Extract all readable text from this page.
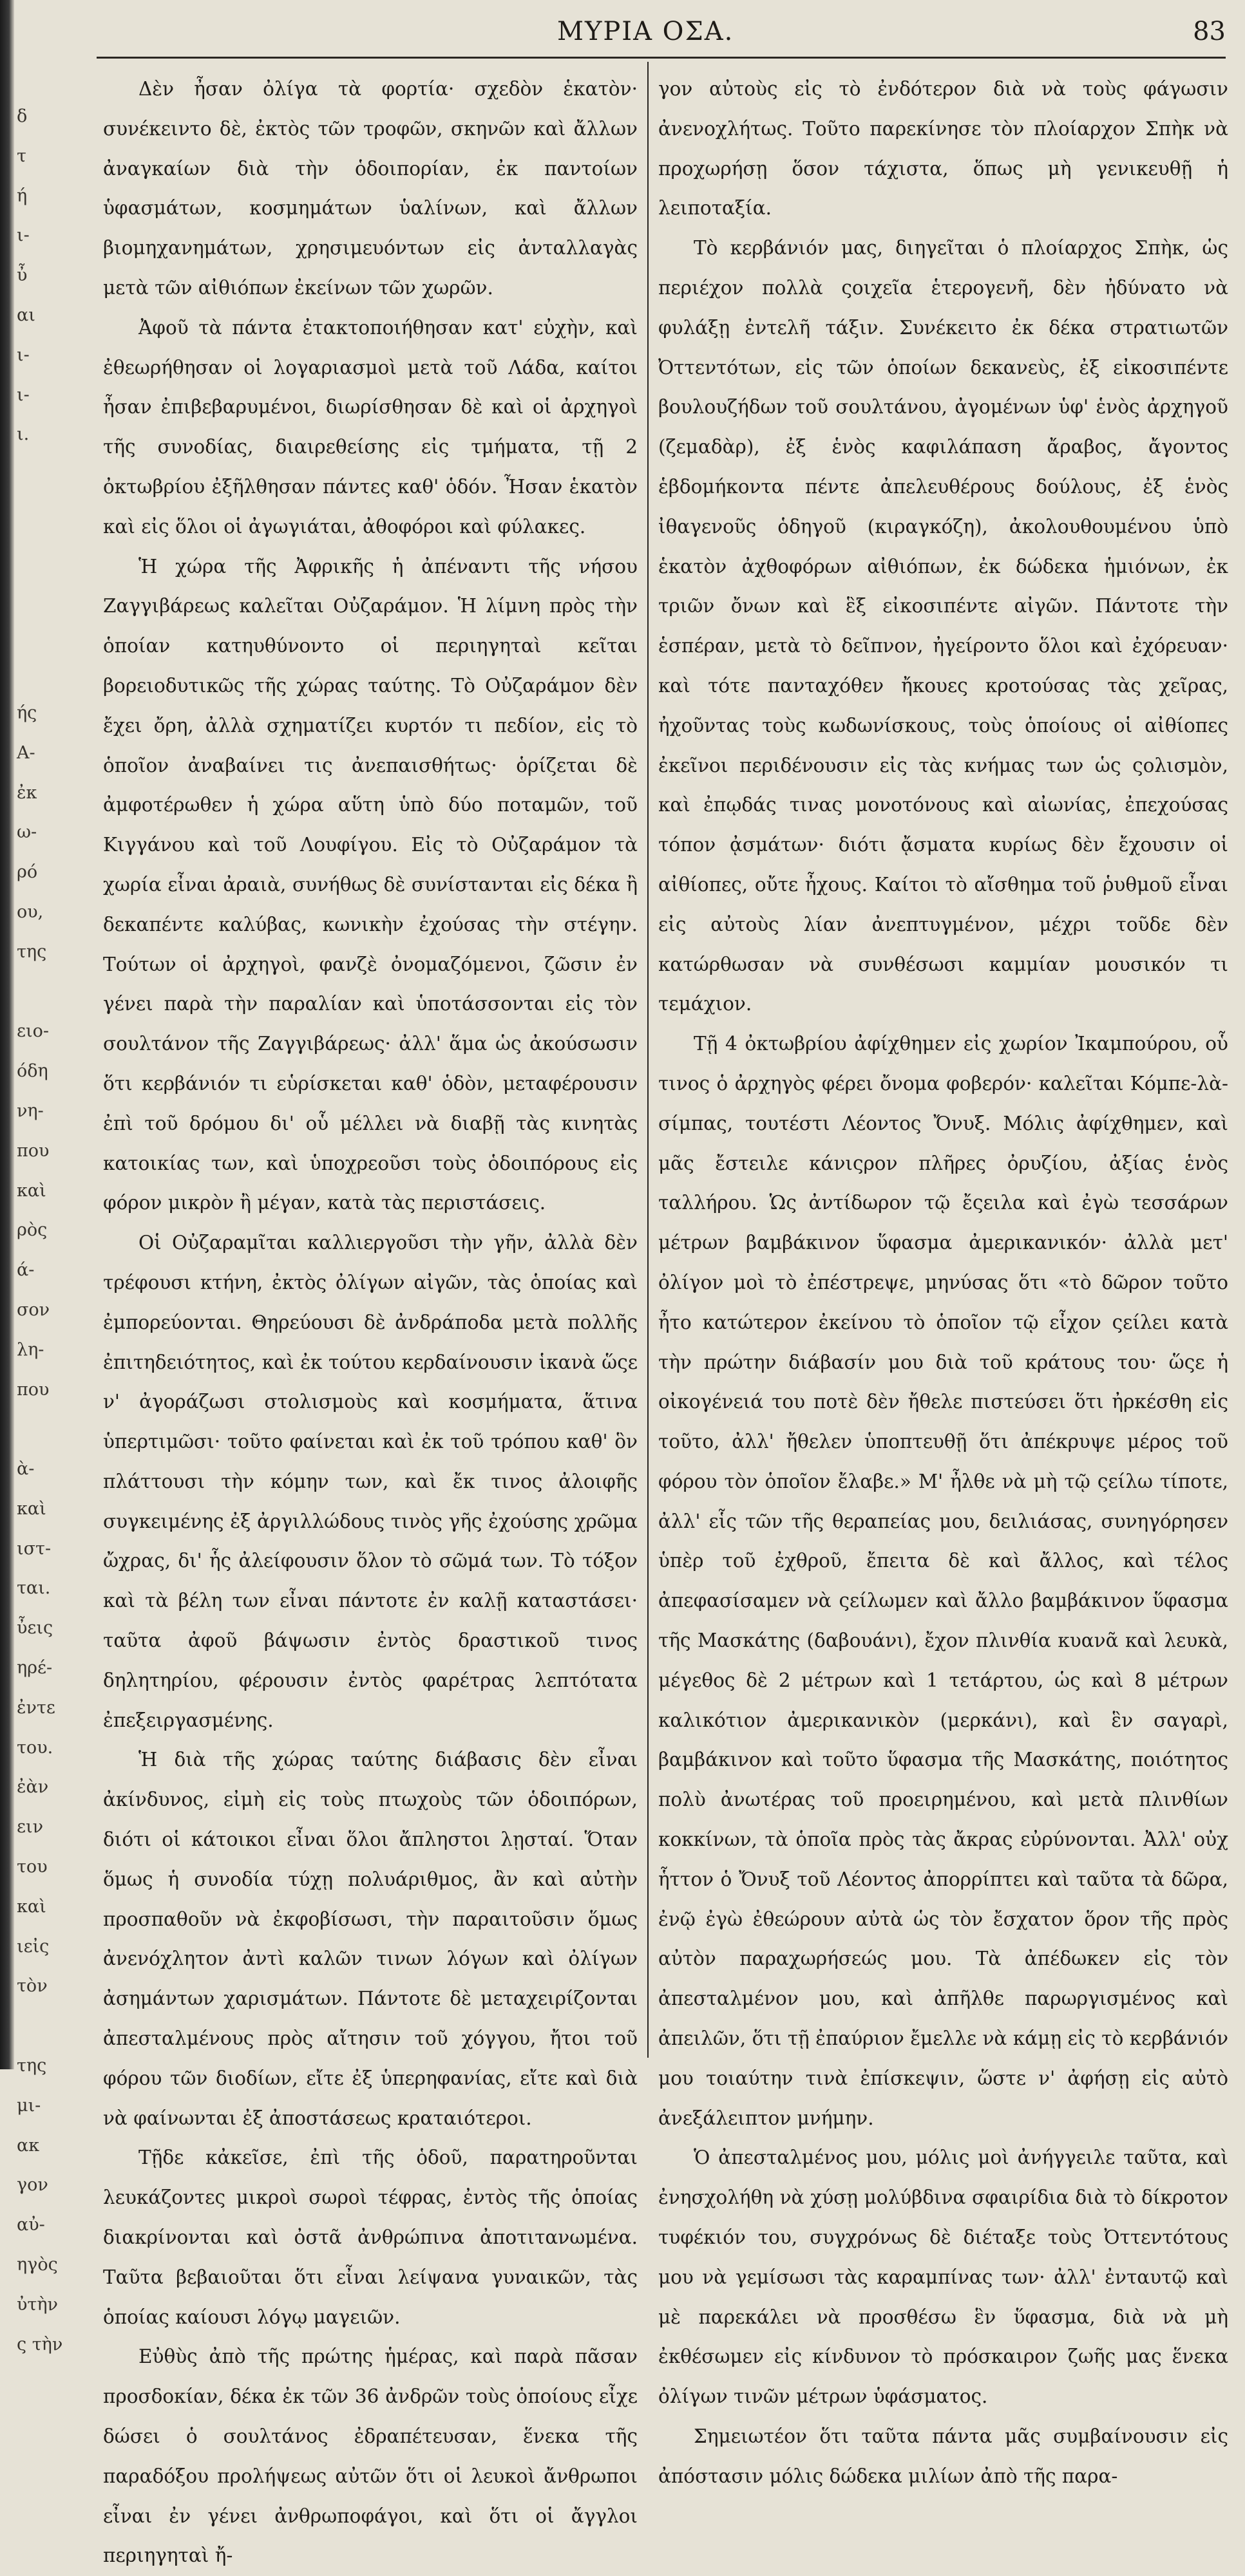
δ
τ
ή
ι-
ὖ
αι
ι-
ι-
ι.
ής
Α-
ἐκ
ω-
ρό
ου,
της
ειο-
όδη
νη-
που
καὶ
ρὸς
ά-
σον
λη-
που
ὰ-
καὶ
ιστ-
ται.
ὖεις
ηρέ-
ἐντε
του.
ἐὰν
ειν
του
καὶ
ιεἰς
τὸν
της
μι-
ακ
γον
αὐ-
ηγὸς
ὐτὴν
ς τὴν
ΜΥΡΙΑ ΟΣΑ.	83

Δὲν ἦσαν ὀλίγα τὰ φορτία· σχεδὸν ἑκατὸν· συνέκειντο δὲ, ἐκτὸς τῶν τροφῶν, σκηνῶν καὶ ἄλλων ἀναγκαίων διὰ τὴν ὁδοιπορίαν, ἐκ παντοίων ὑφασμάτων, κοσμημάτων ὑαλίνων, καὶ ἄλλων βιομηχανημάτων, χρησιμευόντων εἰς ἀνταλλαγὰς μετὰ τῶν αἰθιόπων ἐκείνων τῶν χωρῶν.

Ἀφοῦ τὰ πάντα ἐτακτοποιήθησαν κατ' εὐχὴν, καὶ ἐθεωρήθησαν οἱ λογαριασμοὶ μετὰ τοῦ Λάδα, καίτοι ἦσαν ἐπιβεβαρυμένοι, διωρίσθησαν δὲ καὶ οἱ ἀρχηγοὶ τῆς συνοδίας, διαιρεθείσης εἰς τμήματα, τῇ 2 ὀκτωβρίου ἐξῆλθησαν πάντες καθ' ὁδόν. Ἦσαν ἑκατὸν καὶ εἰς ὅλοι οἱ ἀγωγιάται, ἀθοφόροι καὶ φύλακες.

Ἡ χώρα τῆς Ἀφρικῆς ἡ ἀπέναντι τῆς νήσου Ζαγγιβάρεως καλεῖται Οὐζαράμον. Ἡ λίμνη πρὸς τὴν ὁποίαν κατηυθύνοντο οἱ περιηγηταὶ κεῖται βορειοδυτικῶς τῆς χώρας ταύτης. Τὸ Οὐζαράμον δὲν ἔχει ὄρη, ἀλλὰ σχηματίζει κυρτόν τι πεδίον, εἰς τὸ ὁποῖον ἀναβαίνει τις ἀνεπαισθήτως· ὁρίζεται δὲ ἀμφοτέρωθεν ἡ χώρα αὕτη ὑπὸ δύο ποταμῶν, τοῦ Κιγγάνου καὶ τοῦ Λουφίγου. Εἰς τὸ Οὐζαράμον τὰ χωρία εἶναι ἀραιὰ, συνήθως δὲ συνίστανται εἰς δέκα ἢ δεκαπέντε καλύβας, κωνικὴν ἐχούσας τὴν στέγην. Τούτων οἱ ἀρχηγοὶ, φανζὲ ὀνομαζόμενοι, ζῶσιν ἐν γένει παρὰ τὴν παραλίαν καὶ ὑποτάσσονται εἰς τὸν σουλτάνον τῆς Ζαγγιβάρεως· ἀλλ' ἅμα ὡς ἀκούσωσιν ὅτι κερβάνιόν τι εὑρίσκεται καθ' ὁδὸν, μεταφέρουσιν ἐπὶ τοῦ δρόμου δι' οὗ μέλλει νὰ διαβῇ τὰς κινητὰς κατοικίας των, καὶ ὑποχρεοῦσι τοὺς ὁδοιπόρους εἰς φόρον μικρὸν ἢ μέγαν, κατὰ τὰς περιστάσεις.

Οἱ Οὐζαραμῖται καλλιεργοῦσι τὴν γῆν, ἀλλὰ δὲν τρέφουσι κτήνη, ἐκτὸς ὀλίγων αἰγῶν, τὰς ὁποίας καὶ ἐμπορεύονται. Θηρεύουσι δὲ ἀνδράποδα μετὰ πολλῆς ἐπιτηδειότητος, καὶ ἐκ τούτου κερδαίνουσιν ἱκανὰ ὥςε ν' ἀγοράζωσι στολισμοὺς καὶ κοσμήματα, ἅτινα ὑπερτιμῶσι· τοῦτο φαίνεται καὶ ἐκ τοῦ τρόπου καθ' ὃν πλάττουσι τὴν κόμην των, καὶ ἔκ τινος ἀλοιφῆς συγκειμένης ἐξ ἀργιλλώδους τινὸς γῆς ἐχούσης χρῶμα ὤχρας, δι' ἧς ἀλείφουσιν ὅλον τὸ σῶμά των. Τὸ τόξον καὶ τὰ βέλη των εἶναι πάντοτε ἐν καλῇ καταστάσει· ταῦτα ἀφοῦ βάψωσιν ἐντὸς δραστικοῦ τινος δηλητηρίου, φέρουσιν ἐντὸς φαρέτρας λεπτότατα ἐπεξειργασμένης.

Ἡ διὰ τῆς χώρας ταύτης διάβασις δὲν εἶναι ἀκίνδυνος, εἰμὴ εἰς τοὺς πτωχοὺς τῶν ὁδοιπόρων, διότι οἱ κάτοικοι εἶναι ὅλοι ἄπληστοι λῃσταί. Ὅταν ὅμως ἡ συνοδία τύχῃ πολυάριθμος, ἂν καὶ αὐτὴν προσπαθοῦν νὰ ἐκφοβίσωσι, τὴν παραιτοῦσιν ὅμως ἀνενόχλητον ἀντὶ καλῶν τινων λόγων καὶ ὀλίγων ἀσημάντων χαρισμάτων. Πάντοτε δὲ μεταχειρίζονται ἀπεσταλμένους πρὸς αἴτησιν τοῦ χόγγου, ἤτοι τοῦ φόρου τῶν διοδίων, εἴτε ἐξ ὑπερηφανίας, εἴτε καὶ διὰ νὰ φαίνωνται ἐξ ἀποστάσεως κραταιότεροι.

Τῇδε κἀκεῖσε, ἐπὶ τῆς ὁδοῦ, παρατηροῦνται λευκάζοντες μικροὶ σωροὶ τέφρας, ἐντὸς τῆς ὁποίας διακρίνονται καὶ ὀστᾶ ἀνθρώπινα ἀποτιτανωμένα. Ταῦτα βεβαιοῦται ὅτι εἶναι λείψανα γυναικῶν, τὰς ὁποίας καίουσι λόγῳ μαγειῶν.

Εὐθὺς ἀπὸ τῆς πρώτης ἡμέρας, καὶ παρὰ πᾶσαν προσδοκίαν, δέκα ἐκ τῶν 36 ἀνδρῶν τοὺς ὁποίους εἶχε δώσει ὁ σουλτάνος ἐδραπέτευσαν, ἕνεκα τῆς παραδόξου προλήψεως αὐτῶν ὅτι οἱ λευκοὶ ἄνθρωποι εἶναι ἐν γένει ἀνθρωποφάγοι, καὶ ὅτι οἱ ἄγγλοι περιηγηταὶ ἤ-

γον αὐτοὺς εἰς τὸ ἐνδότερον διὰ νὰ τοὺς φάγωσιν ἀνενοχλήτως. Τοῦτο παρεκίνησε τὸν πλοίαρχον Σπὴκ νὰ προχωρήσῃ ὅσον τάχιστα, ὅπως μὴ γενικευθῇ ἡ λειποταξία.

Τὸ κερβάνιόν μας, διηγεῖται ὁ πλοίαρχος Σπὴκ, ὡς περιέχον πολλὰ ςοιχεῖα ἑτερογενῆ, δὲν ἠδύνατο νὰ φυλάξῃ ἐντελῆ τάξιν. Συνέκειτο ἐκ δέκα στρατιωτῶν Ὀττεντότων, εἰς τῶν ὁποίων δεκανεὺς, ἐξ εἰκοσιπέντε βουλουζήδων τοῦ σουλτάνου, ἀγομένων ὑφ' ἑνὸς ἀρχηγοῦ (ζεμαδὰρ), ἐξ ἑνὸς καφιλάπαση ἄραβος, ἄγοντος ἑβδομήκοντα πέντε ἀπελευθέρους δούλους, ἐξ ἑνὸς ἰθαγενοῦς ὁδηγοῦ (κιραγκόζη), ἀκολουθουμένου ὑπὸ ἑκατὸν ἀχθοφόρων αἰθιόπων, ἐκ δώδεκα ἡμιόνων, ἐκ τριῶν ὄνων καὶ ἓξ εἰκοσιπέντε αἰγῶν. Πάντοτε τὴν ἑσπέραν, μετὰ τὸ δεῖπνον, ἠγείροντο ὅλοι καὶ ἐχόρευαν· καὶ τότε πανταχόθεν ἤκουες κροτούσας τὰς χεῖρας, ἠχοῦντας τοὺς κωδωνίσκους, τοὺς ὁποίους οἱ αἰθίοπες ἐκεῖνοι περιδένουσιν εἰς τὰς κνήμας των ὡς ςολισμὸν, καὶ ἐπῳδάς τινας μονοτόνους καὶ αἰωνίας, ἐπεχούσας τόπον ᾀσμάτων· διότι ᾄσματα κυρίως δὲν ἔχουσιν οἱ αἰθίοπες, οὔτε ἦχους. Καίτοι τὸ αἴσθημα τοῦ ῥυθμοῦ εἶναι εἰς αὐτοὺς λίαν ἀνεπτυγμένον, μέχρι τοῦδε δὲν κατώρθωσαν νὰ συνθέσωσι καμμίαν μουσικόν τι τεμάχιον.

Τῇ 4 ὀκτωβρίου ἀφίχθημεν εἰς χωρίον Ἰκαμπούρου, οὗ τινος ὁ ἀρχηγὸς φέρει ὄνομα φοβερόν· καλεῖται Κόμπε-λὰ-σίμπας, τουτέστι Λέοντος Ὄνυξ. Μόλις ἀφίχθημεν, καὶ μᾶς ἔστειλε κάνιςρον πλῆρες ὀρυζίου, ἀξίας ἑνὸς ταλλήρου. Ὡς ἀντίδωρον τῷ ἔςειλα καὶ ἐγὼ τεσσάρων μέτρων βαμβάκινον ὕφασμα ἀμερικανικόν· ἀλλὰ μετ' ὀλίγον μοὶ τὸ ἐπέστρεψε, μηνύσας ὅτι «τὸ δῶρον τοῦτο ἦτο κατώτερον ἐκείνου τὸ ὁποῖον τῷ εἶχον ςείλει κατὰ τὴν πρώτην διάβασίν μου διὰ τοῦ κράτους του· ὥςε ἡ οἰκογένειά του ποτὲ δὲν ἤθελε πιστεύσει ὅτι ἠρκέσθη εἰς τοῦτο, ἀλλ' ἤθελεν ὑποπτευθῇ ὅτι ἀπέκρυψε μέρος τοῦ φόρου τὸν ὁποῖον ἔλαβε.» Μ' ἦλθε νὰ μὴ τῷ ςείλω τίποτε, ἀλλ' εἷς τῶν τῆς θεραπείας μου, δειλιάσας, συνηγόρησεν ὑπὲρ τοῦ ἐχθροῦ, ἔπειτα δὲ καὶ ἄλλος, καὶ τέλος ἀπεφασίσαμεν νὰ ςείλωμεν καὶ ἄλλο βαμβάκινον ὕφασμα τῆς Μασκάτης (δαβουάνι), ἔχον πλινθία κυανᾶ καὶ λευκὰ, μέγεθος δὲ 2 μέτρων καὶ 1 τετάρτου, ὡς καὶ 8 μέτρων καλικότιον ἀμερικανικὸν (μερκάνι), καὶ ἓν σαγαρὶ, βαμβάκινον καὶ τοῦτο ὕφασμα τῆς Μασκάτης, ποιότητος πολὺ ἀνωτέρας τοῦ προειρημένου, καὶ μετὰ πλινθίων κοκκίνων, τὰ ὁποῖα πρὸς τὰς ἄκρας εὐρύνονται. Ἀλλ' οὐχ ἧττον ὁ Ὄνυξ τοῦ Λέοντος ἀπορρίπτει καὶ ταῦτα τὰ δῶρα, ἐνῷ ἐγὼ ἐθεώρουν αὐτὰ ὡς τὸν ἔσχατον ὅρον τῆς πρὸς αὐτὸν παραχωρήσεώς μου. Τὰ ἀπέδωκεν εἰς τὸν ἀπεσταλμένον μου, καὶ ἀπῆλθε παρωργισμένος καὶ ἀπειλῶν, ὅτι τῇ ἐπαύριον ἔμελλε νὰ κάμῃ εἰς τὸ κερβάνιόν μου τοιαύτην τινὰ ἐπίσκεψιν, ὥστε ν' ἀφήσῃ εἰς αὐτὸ ἀνεξάλειπτον μνήμην.

Ὁ ἀπεσταλμένος μου, μόλις μοὶ ἀνήγγειλε ταῦτα, καὶ ἐνησχολήθη νὰ χύσῃ μολύβδινα σφαιρίδια διὰ τὸ δίκροτον τυφέκιόν του, συγχρόνως δὲ διέταξε τοὺς Ὀττεντότους μου νὰ γεμίσωσι τὰς καραμπίνας των· ἀλλ' ἐνταυτῷ καὶ μὲ παρεκάλει νὰ προσθέσω ἓν ὕφασμα, διὰ νὰ μὴ ἐκθέσωμεν εἰς κίνδυνον τὸ πρόσκαιρον ζωῆς μας ἕνεκα ὀλίγων τινῶν μέτρων ὑφάσματος.

Σημειωτέον ὅτι ταῦτα πάντα μᾶς συμβαίνουσιν εἰς ἀπόστασιν μόλις δώδεκα μιλίων ἀπὸ τῆς παρα-
